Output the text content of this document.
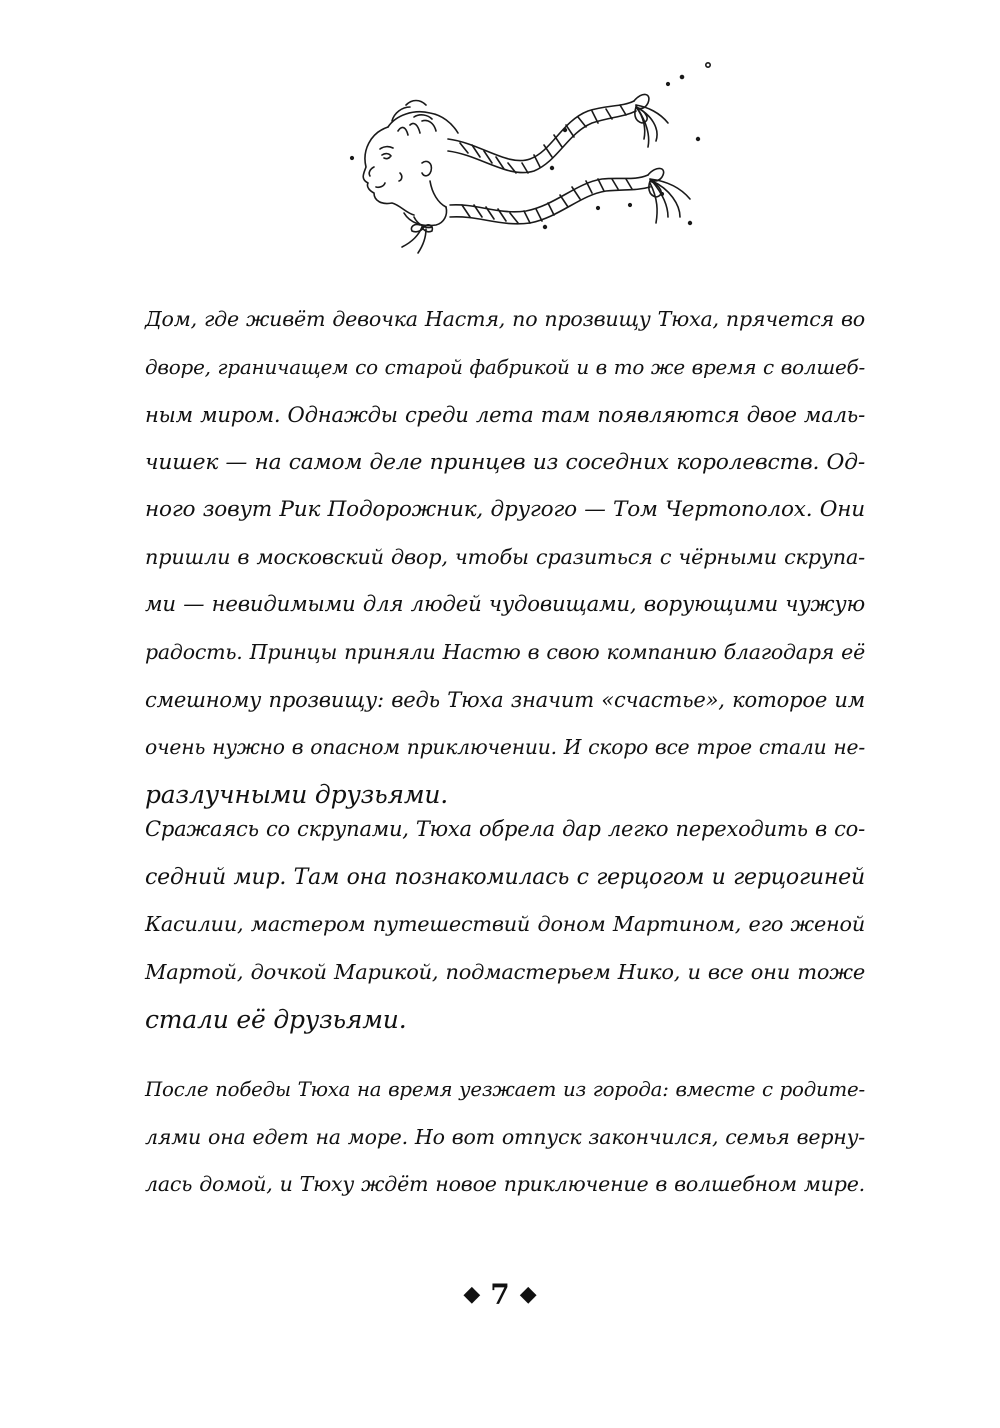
Дом, где живёт девочка Настя, по прозвищу Тюха, прячется во
дворе, граничащем со старой фабрикой и в то же время с волшеб-
ным миром. Однажды среди лета там появляются двое маль-
чишек — на самом деле принцев из соседних королевств. Од-
ного зовут Рик Подорожник, другого — Том Чертополох. Они
пришли в московский двор, чтобы сразиться с чёрными скрупа-
ми — невидимыми для людей чудовищами, ворующими чужую
радость. Принцы приняли Настю в свою компанию благодаря её
смешному прозвищу: ведь Тюха значит «счастье», которое им
очень нужно в опасном приключении. И скоро все трое стали не-
разлучными друзьями.
Сражаясь со скрупами, Тюха обрела дар легко переходить в со-
седний мир. Там она познакомилась с герцогом и герцогиней
Касилии, мастером путешествий доном Мартином, его женой
Мартой, дочкой Марикой, подмастерьем Нико, и все они тоже
стали её друзьями.
После победы Тюха на время уезжает из города: вместе с родите-
лями она едет на море. Но вот отпуск закончился, семья верну-
лась домой, и Тюху ждёт новое приключение в волшебном мире.
◆ 7 ◆
